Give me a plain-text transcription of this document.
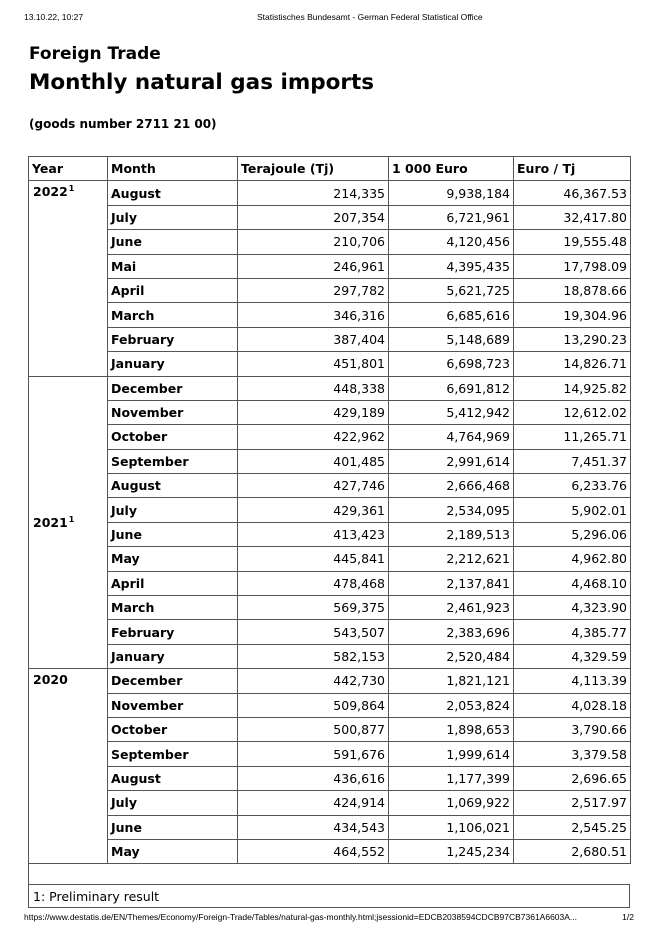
13.10.22, 10:27	Statistisches Bundesamt - German Federal Statistical Office
Foreign Trade
Monthly natural gas imports

(goods number 2711 21 00)

Year	Month	Terajoule (Tj)	1 000 Euro	Euro / Tj
2022$^1$	August	214,335	9,938,184	46,367.53
	July	207,354	6,721,961	32,417.80
	June	210,706	4,120,456	19,555.48
	Mai	246,961	4,395,435	17,798.09
	April	297,782	5,621,725	18,878.66
	March	346,316	6,685,616	19,304.96
	February	387,404	5,148,689	13,290.23
	January	451,801	6,698,723	14,826.71
2021$^1$	December	448,338	6,691,812	14,925.82
	November	429,189	5,412,942	12,612.02
	October	422,962	4,764,969	11,265.71
	September	401,485	2,991,614	7,451.37
	August	427,746	2,666,468	6,233.76
	July	429,361	2,534,095	5,902.01
	June	413,423	2,189,513	5,296.06
	May	445,841	2,212,621	4,962.80
	April	478,468	2,137,841	4,468.10
	March	569,375	2,461,923	4,323.90
	February	543,507	2,383,696	4,385.77
	January	582,153	2,520,484	4,329.59
2020	December	442,730	1,821,121	4,113.39
	November	509,864	2,053,824	4,028.18
	October	500,877	1,898,653	3,790.66
	September	591,676	1,999,614	3,379.58
	August	436,616	1,177,399	2,696.65
	July	424,914	1,069,922	2,517.97
	June	434,543	1,106,021	2,545.25
	May	464,552	1,245,234	2,680.51
1: Preliminary result
https://www.destatis.de/EN/Themes/Economy/Foreign-Trade/Tables/natural-gas-monthly.html;jsessionid=EDCB2038594CDCB97CB7361A6603A...	1/2
